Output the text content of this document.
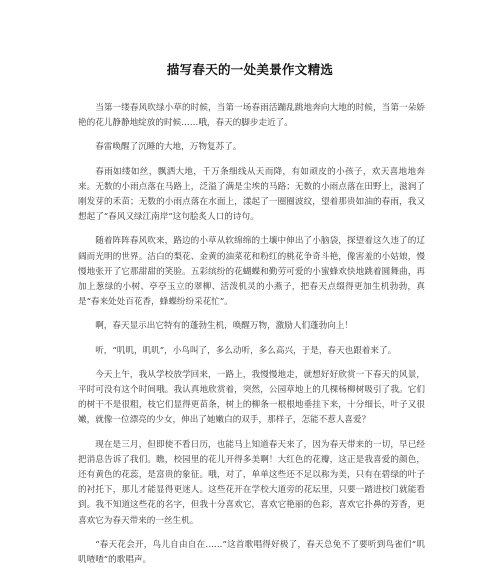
描写春天的一处美景作文精选

当第一缕春风吹绿小草的时候，当第一场春雨活蹦乱跳地奔向大地的时候，当第一朵娇艳的花儿静静地绽放的时候……哦，春天的脚步走近了。

春雷唤醒了沉睡的大地，万物复苏了。

春雨如缕如丝，飘洒大地，千万条细线从天而降，有如顽皮的小孩子，欢天喜地地奔来。无数的小雨点落在马路上，泛溢了满是尘埃的马路；无数的小雨点落在田野上，滋润了刚发芽的禾苗；无数的小雨点落在水面上，漾起了一圈圈波纹，望着那贵如油的春雨，我又想起了“春风又绿江南岸”这句脍炙人口的诗句。

随着阵阵春风吹来，路边的小草从软绵绵的土壤中伸出了小脑袋，探望着这久违了的辽阔而光明的世界。洁白的梨花、金黄的油菜花和粉红的桃花争奇斗艳，像害羞的小姑娘，慢慢地张开了它那甜甜的笑脸。五彩缤纷的花蝴蝶和勤劳可爱的小蜜蜂欢快地跳着圆舞曲，再加上葱绿的小树、亭亭玉立的翠柳、活泼机灵的小燕子，把春天点缀得更加生机勃勃，真是“春来处处百花香，蜂蝶纷纷采花忙”。

啊，春天显示出它特有的蓬勃生机，唤醒万物，激励人们蓬勃向上！

听，“叽叽，叽叽”，小鸟叫了，多么动听，多么高兴，于是，春天也跟着来了。

今天上午，我从学校放学回来，一路上，我慢慢地走，就想好好欣赏一下春天的风景，平时可没有这个时间哦。我认真地欣赏着，突然，公园草地上的几棵杨柳树吸引了我。它们的树干不是很粗，枝它们显得更苗条，树上的柳条一根根地垂挂下来，十分细长，叶子又很嫩，就像一位漂亮的少女，伸出了她嫩白的双手，那样子，怎能不惹人喜爱？

现在是三月，但即使不看日历，也能马上知道春天来了，因为春天带来的一切，早已经把消息告诉了我们。瞧，校园里的花儿开得多美啊！大红色的花瓣，这正是我喜爱的颜色，还有黄色的花蕊，是富贵的象征。哦，对了，单单这些还不足以称为美，只有在碧绿的叶子的衬托下，那儿才能显得更迷人。这些花开在学校大道旁的花坛里，只要一踏进校门就能看到。我不知道这些花的名字，但我十分喜欢它，喜欢它艳丽的色彩，喜欢它扑鼻的芳香，更喜欢它为春天带来的一丝生机。

“春天花会开，鸟儿自由自在……”这首歌唱得好极了，春天总免不了要听到鸟雀们“叽叽喳喳”的歌唱声。
